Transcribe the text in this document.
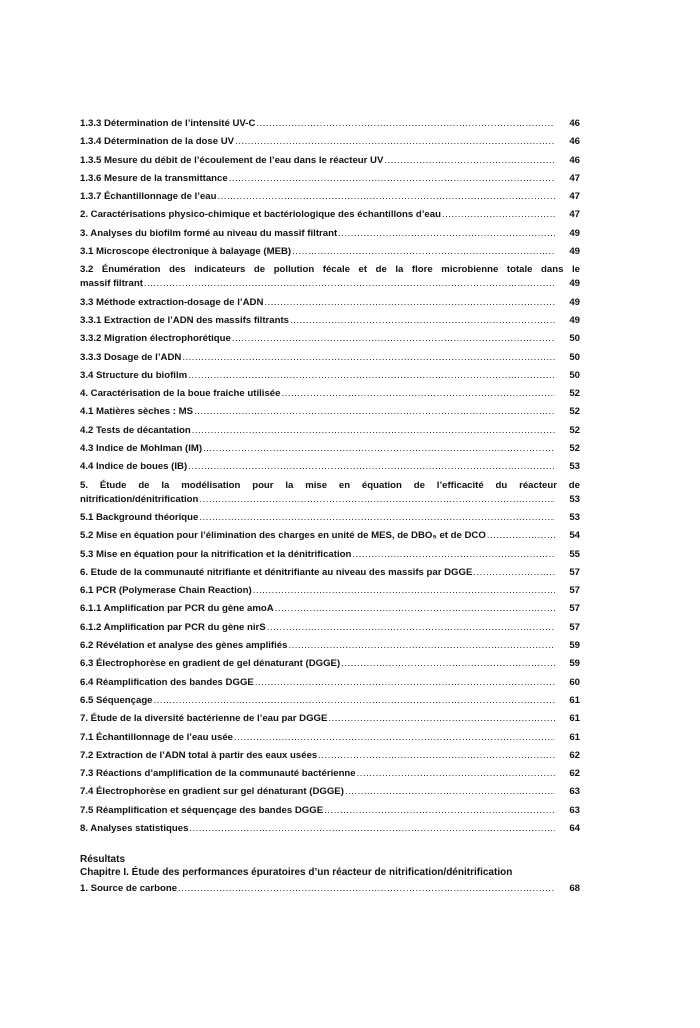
1.3.3 Détermination de l’intensité UV-C .....	46
1.3.4 Détermination de la dose UV .....	46
1.3.5 Mesure du débit de l’écoulement de l’eau dans le réacteur UV .....	46
1.3.6 Mesure de la transmittance .....	47
1.3.7 Échantillonnage de l’eau .....	47
2. Caractérisations physico-chimique et bactériologique des échantillons d’eau .....	47
3. Analyses du biofilm formé au niveau du massif filtrant .....	49
3.1 Microscope électronique à balayage (MEB) .....	49
3.2 Énumération des indicateurs de pollution fécale et de la flore microbienne totale dans le
massif filtrant .....	49
3.3 Méthode extraction-dosage de l’ADN .....	49
3.3.1 Extraction de l’ADN des massifs filtrants .....	49
3.3.2 Migration électrophorétique .....	50
3.3.3 Dosage de l’ADN .....	50
3.4 Structure du biofilm .....	50
4. Caractérisation de la boue fraiche utilisée .....	52
4.1 Matières sèches : MS .....	52
4.2 Tests de décantation .....	52
4.3 Indice de Mohlman (IM) .....	52
4.4 Indice de boues (IB) .....	53
5. Étude de la modélisation pour la mise en équation de l’efficacité du réacteur de
nitrification/dénitrification .....	53
5.1 Background théorique .....	53
5.2 Mise en équation pour l’élimination des charges en unité de MES, de DBO₅ et de DCO .....	54
5.3 Mise en équation pour la nitrification et la dénitrification .....	55
6. Etude de la communauté nitrifiante et dénitrifiante au niveau des massifs par DGGE .....	57
6.1 PCR (Polymerase Chain Reaction) .....	57
6.1.1 Amplification par PCR du gène amoA .....	57
6.1.2 Amplification par PCR du gène nirS .....	57
6.2 Révélation et analyse des gènes amplifiés .....	59
6.3 Électrophorèse en gradient de gel dénaturant (DGGE) .....	59
6.4 Réamplification des bandes DGGE .....	60
6.5 Séquençage .....	61
7. Étude de la diversité bactérienne de l’eau par DGGE .....	61
7.1 Échantillonnage de l’eau usée .....	61
7.2 Extraction de l’ADN total à partir des eaux usées .....	62
7.3 Réactions d’amplification de la communauté bactérienne .....	62
7.4 Électrophorèse en gradient sur gel dénaturant (DGGE) .....	63
7.5 Réamplification et séquençage des bandes DGGE .....	63
8. Analyses statistiques .....	64
Résultats
Chapitre I. Étude des performances épuratoires d’un réacteur de nitrification/dénitrification
1. Source de carbone .....	68
